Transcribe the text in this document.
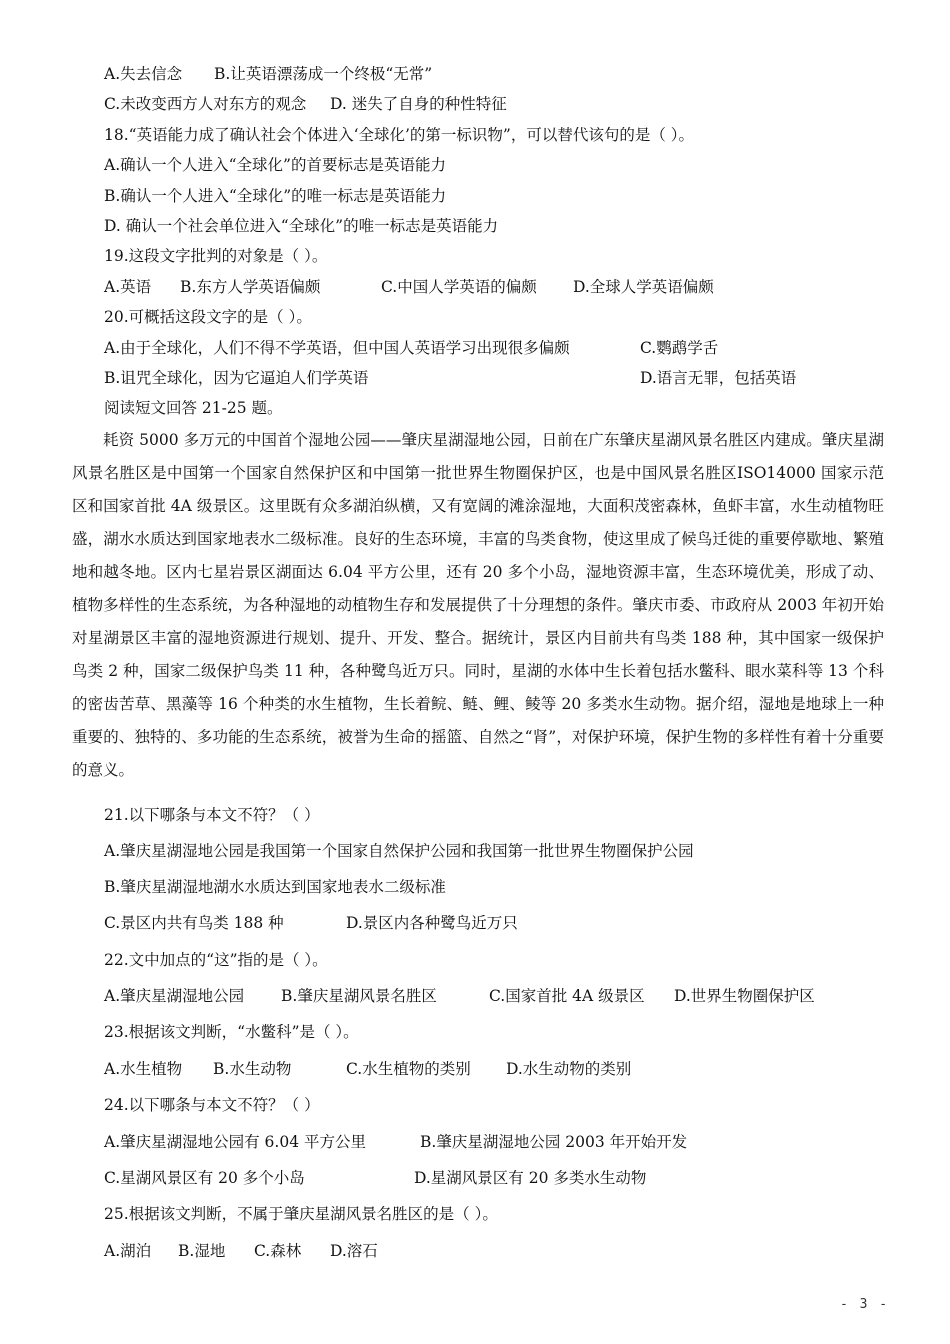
A.失去信念 B.让英语漂荡成一个终极“无常”
C.未改变西方人对东方的观念 D. 迷失了自身的种性特征
18.“英语能力成了确认社会个体进入‘全球化’的第一标识物”，可以替代该句的是（ ）。
A.确认一个人进入“全球化”的首要标志是英语能力
B.确认一个人进入“全球化”的唯一标志是英语能力
D. 确认一个社会单位进入“全球化”的唯一标志是英语能力
19.这段文字批判的对象是（ ）。
A.英语 B.东方人学英语偏颇	C.中国人学英语的偏颇 D.全球人学英语偏颇
20.可概括这段文字的是（ ）。
A.由于全球化，人们不得不学英语，但中国人英语学习出现很多偏颇	C.鹦鹉学舌
B.诅咒全球化，因为它逼迫人们学英语	D.语言无罪，包括英语
阅读短文回答 21-25 题。
耗资 5000 多万元的中国首个湿地公园——肇庆星湖湿地公园，日前在广东肇庆星湖风景名胜区内建成。肇庆星湖风景名胜区是中国第一个国家自然保护区和中国第一批世界生物圈保护区，也是中国风景名胜区ISO14000 国家示范区和国家首批 4A 级景区。这里既有众多湖泊纵横，又有宽阔的滩涂湿地，大面积茂密森林，鱼虾丰富，水生动植物旺盛，湖水水质达到国家地表水二级标准。良好的生态环境，丰富的鸟类食物，使这里成了候鸟迁徙的重要停歇地、繁殖地和越冬地。区内七星岩景区湖面达 6.04 平方公里，还有 20 多个小岛，湿地资源丰富，生态环境优美，形成了动、植物多样性的生态系统，为各种湿地的动植物生存和发展提供了十分理想的条件。肇庆市委、市政府从 2003 年初开始对星湖景区丰富的湿地资源进行规划、提升、开发、整合。据统计，景区内目前共有鸟类 188 种，其中国家一级保护鸟类 2 种，国家二级保护鸟类 11 种，各种鹭鸟近万只。同时，星湖的水体中生长着包括水鳖科、眼水菜科等 13 个科的密齿苦草、黑藻等 16 个种类的水生植物，生长着鲩、鲢、鲤、鲮等 20 多类水生动物。据介绍，湿地是地球上一种重要的、独特的、多功能的生态系统，被誉为生命的摇篮、自然之“肾”，对保护环境，保护生物的多样性有着十分重要的意义。
21.以下哪条与本文不符？（ ）
A.肇庆星湖湿地公园是我国第一个国家自然保护公园和我国第一批世界生物圈保护公园
B.肇庆星湖湿地湖水水质达到国家地表水二级标准
C.景区内共有鸟类 188 种	D.景区内各种鹭鸟近万只
22.文中加点的“这”指的是（ ）。
A.肇庆星湖湿地公园 B.肇庆星湖风景名胜区	C.国家首批 4A 级景区 D.世界生物圈保护区
23.根据该文判断，“水鳖科”是（ ）。
A.水生植物 B.水生动物	C.水生植物的类别 D.水生动物的类别
24.以下哪条与本文不符？（ ）
A.肇庆星湖湿地公园有 6.04 平方公里	B.肇庆星湖湿地公园 2003 年开始开发
C.星湖风景区有 20 多个小岛	D.星湖风景区有 20 多类水生动物
25.根据该文判断，不属于肇庆星湖风景名胜区的是（ ）。
A.湖泊 B.湿地 C.森林 D.溶石
- 3 -
